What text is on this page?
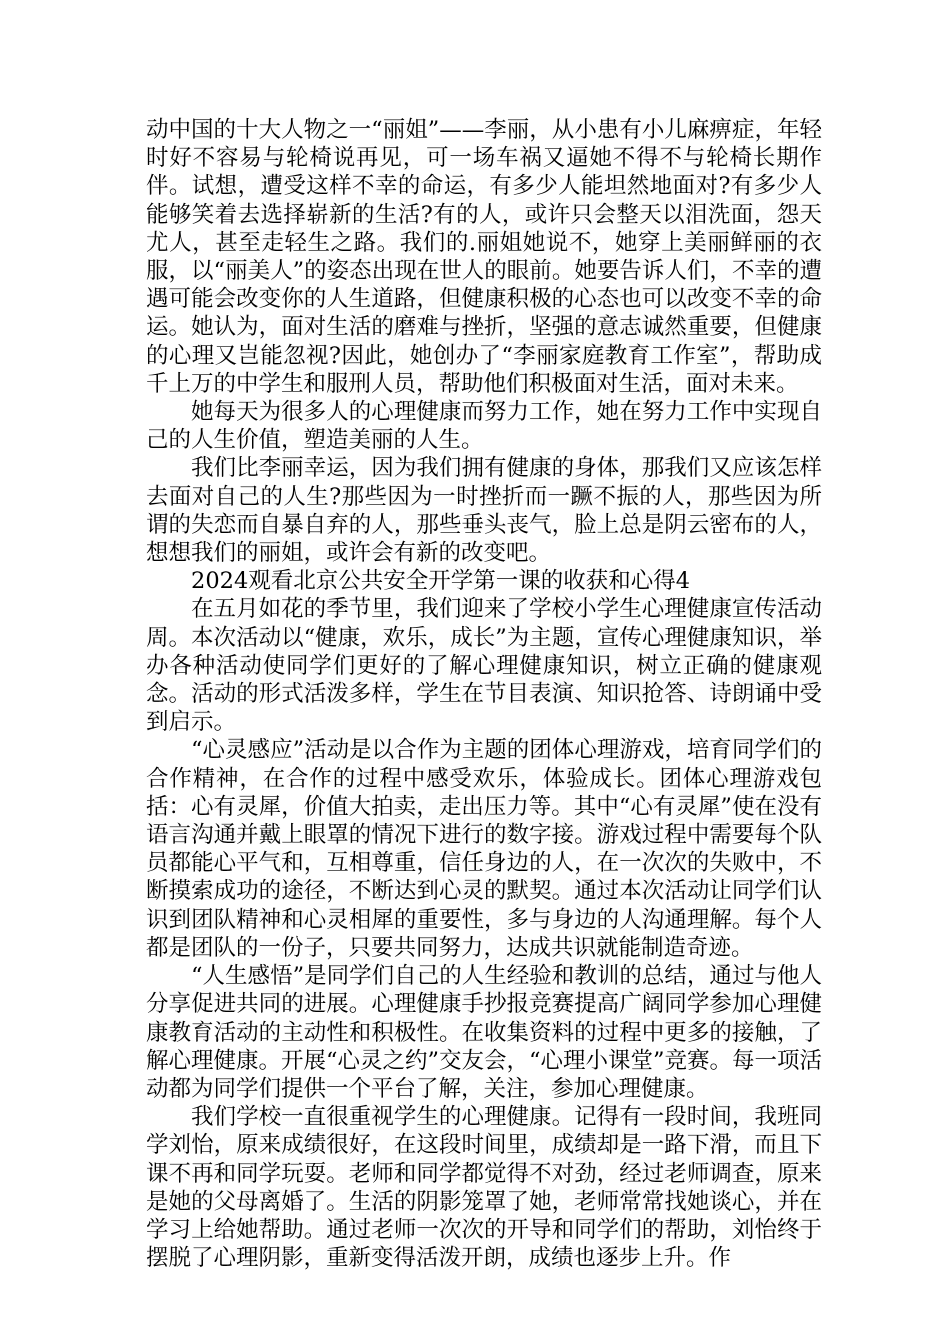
动中国的十大人物之一“丽姐”——李丽，从小患有小儿麻痹症，年轻时好不容易与轮椅说再见，可一场车祸又逼她不得不与轮椅长期作伴。试想，遭受这样不幸的命运，有多少人能坦然地面对?有多少人能够笑着去选择崭新的生活?有的人，或许只会整天以泪洗面，怨天尤人，甚至走轻生之路。我们的.丽姐她说不，她穿上美丽鲜丽的衣服，以“丽美人”的姿态出现在世人的眼前。她要告诉人们，不幸的遭遇可能会改变你的人生道路，但健康积极的心态也可以改变不幸的命运。她认为，面对生活的磨难与挫折，坚强的意志诚然重要，但健康的心理又岂能忽视?因此，她创办了“李丽家庭教育工作室”，帮助成千上万的中学生和服刑人员，帮助他们积极面对生活，面对未来。

她每天为很多人的心理健康而努力工作，她在努力工作中实现自己的人生价值，塑造美丽的人生。

我们比李丽幸运，因为我们拥有健康的身体，那我们又应该怎样去面对自己的人生?那些因为一时挫折而一蹶不振的人，那些因为所谓的失恋而自暴自弃的人，那些垂头丧气，脸上总是阴云密布的人，想想我们的丽姐，或许会有新的改变吧。

2024观看北京公共安全开学第一课的收获和心得4

在五月如花的季节里，我们迎来了学校小学生心理健康宣传活动周。本次活动以“健康，欢乐，成长”为主题，宣传心理健康知识，举办各种活动使同学们更好的了解心理健康知识，树立正确的健康观念。活动的形式活泼多样，学生在节目表演、知识抢答、诗朗诵中受到启示。

“心灵感应”活动是以合作为主题的团体心理游戏，培育同学们的合作精神，在合作的过程中感受欢乐，体验成长。团体心理游戏包括：心有灵犀，价值大拍卖，走出压力等。其中“心有灵犀”使在没有语言沟通并戴上眼罩的情况下进行的数字接。游戏过程中需要每个队员都能心平气和，互相尊重，信任身边的人，在一次次的失败中，不断摸索成功的途径，不断达到心灵的默契。通过本次活动让同学们认识到团队精神和心灵相犀的重要性，多与身边的人沟通理解。每个人都是团队的一份子，只要共同努力，达成共识就能制造奇迹。

“人生感悟”是同学们自己的人生经验和教训的总结，通过与他人分享促进共同的进展。心理健康手抄报竞赛提高广阔同学参加心理健康教育活动的主动性和积极性。在收集资料的过程中更多的接触，了解心理健康。开展“心灵之约”交友会，“心理小课堂”竞赛。每一项活动都为同学们提供一个平台了解，关注，参加心理健康。

我们学校一直很重视学生的心理健康。记得有一段时间，我班同学刘怡，原来成绩很好，在这段时间里，成绩却是一路下滑，而且下课不再和同学玩耍。老师和同学都觉得不对劲，经过老师调查，原来是她的父母离婚了。生活的阴影笼罩了她，老师常常找她谈心，并在学习上给她帮助。通过老师一次次的开导和同学们的帮助，刘怡终于摆脱了心理阴影，重新变得活泼开朗，成绩也逐步上升。作
